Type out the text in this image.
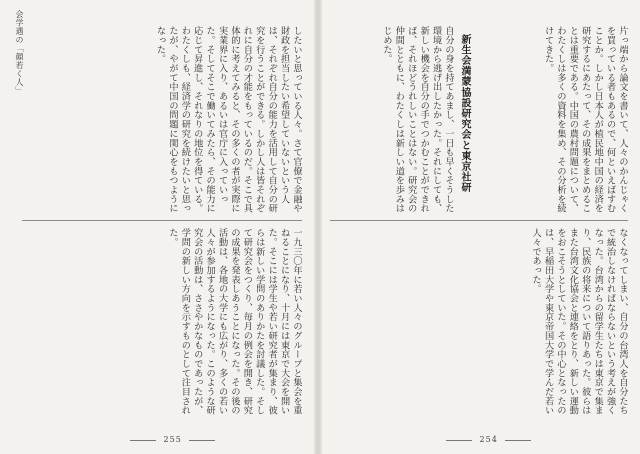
会学遇の「顔若く人」	したいと思っている人々。さて官僚で金融や財政を担当したい希望していないという人は、それぞれ自分の能力を活用して自分の研究を行うことができる。しかし人は皆それぞれに自分の才能をもっているのだ。そこで具体的に考えてみると、その多くの者が実際に実業界に入り、あるいは官庁に入っていった。そしてそこで働いてみたら、その能力に応じて昇進し、それなりの地位を得ている。わたくしも、経済学の研究を続けたいと思ったが、やがて中国の問題に関心をもつようになった。
一九三〇年に若い人々のグループと集会を重ねることになり、十月には東京で大会を開いた。そこには学生や若い研究者が集まり、彼らは新しい学問のありかたを討議した。そして研究会をつくり、毎月の例会を開き、研究の成果を発表しあうことになった。その後の活動は、各地の大学にも広がり、多くの若い人々が参加するようになった。このような研究会の活動は、ささやかなものであったが、学問の新しい方向を示すものとして注目された。
255
片っ端から論文を書いて、人々のかんじゃくを買っている者もあるので、何といえばすむことか。しかし日本人が植民地中国の経済を研究するにあたって、その成果をまとめることは重要である。中国の農村問題について、わたくしは多くの資料を集め、その分析を続けてきた。
新生会満蒙協設研究会と東京社研
自分の身を持てあまし、一日も早くそうした環境から逃げ出したかった。それにしても、新しい機会を自分の手でつかむことができれば、それほどうれしいことはない。研究会の仲間とともに、わたくしは新しい道を歩みはじめた。
なくなってしまい、自分の台湾人を自分たちで統治しなければならないという考えが強くなった。台湾からの留学生たちは東京で集まり、民族の将来について語りあった。彼らはまた台湾文化協会と連絡をとり、新しい運動をおこそうとしていた。その中心となったのは、早稲田大学や東京帝国大学で学んだ若い人々であった。
254
